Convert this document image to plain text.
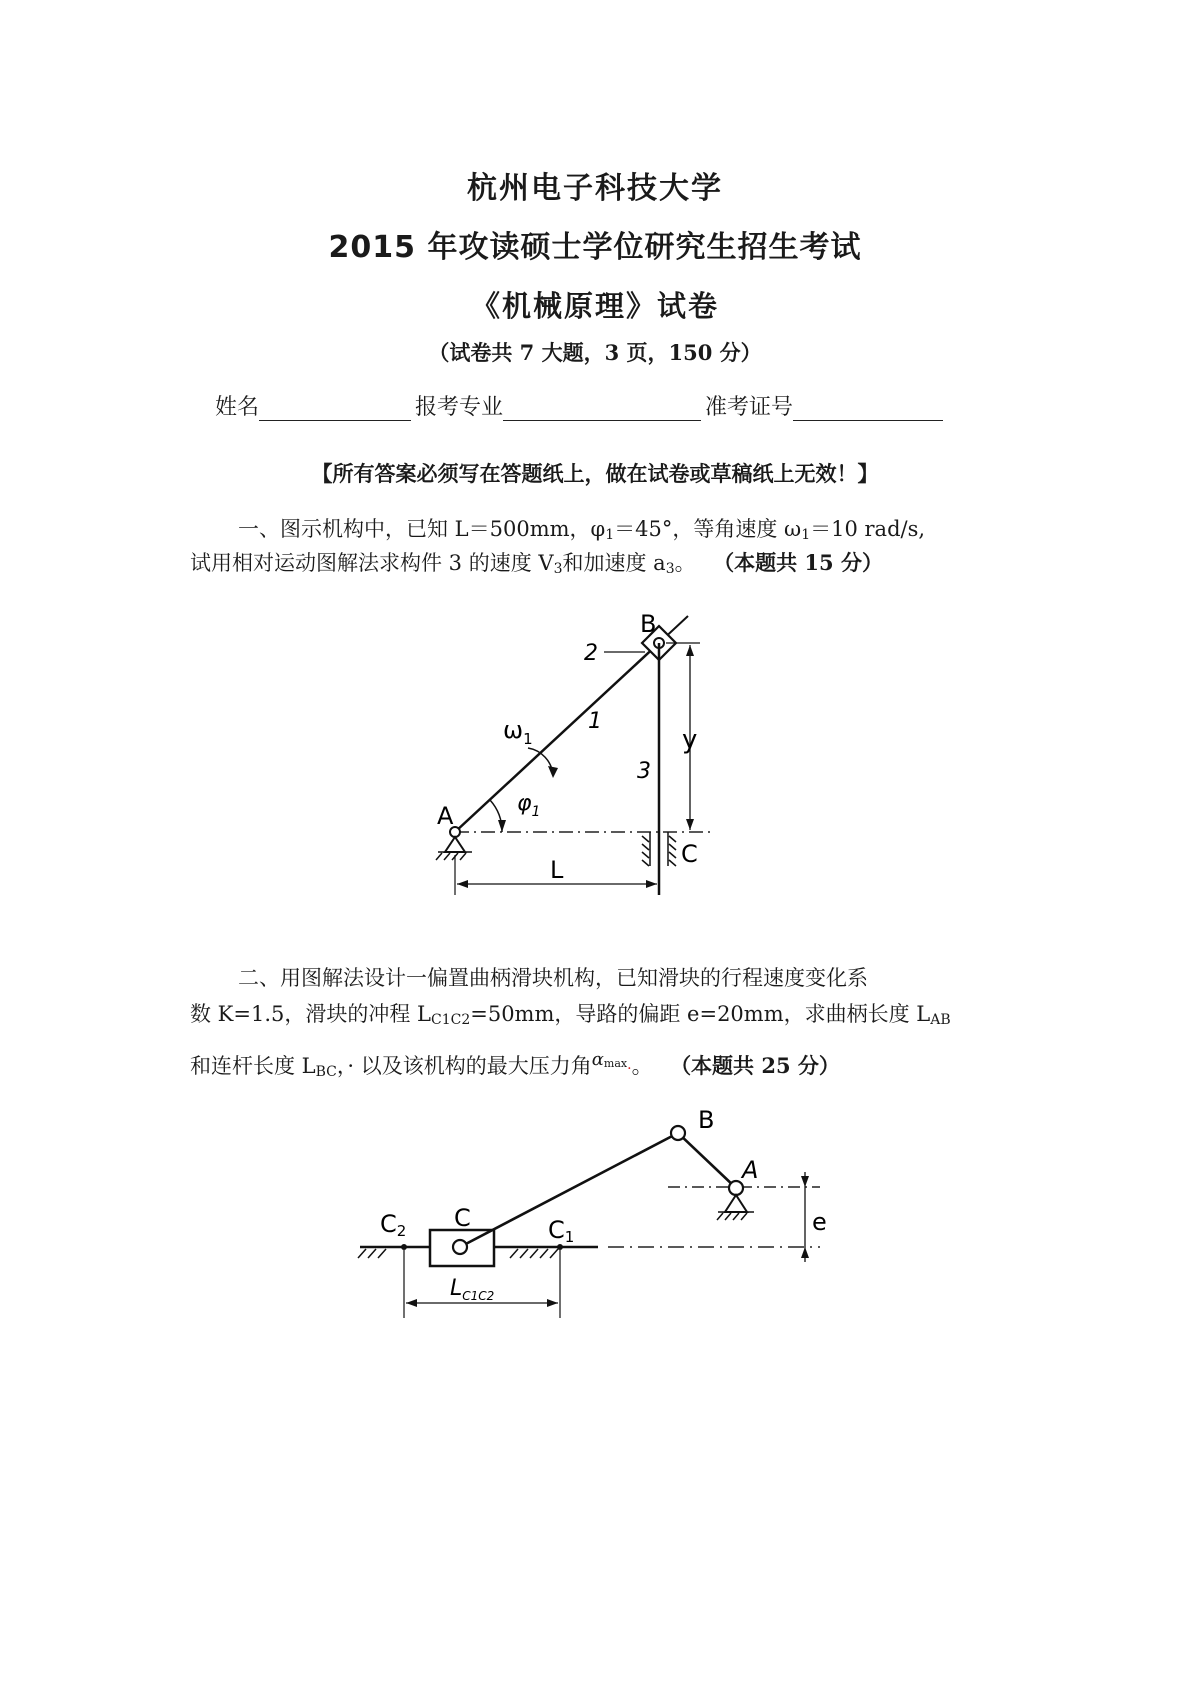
杭州电子科技大学
2015 年攻读硕士学位研究生招生考试
《机械原理》试卷
（试卷共 7 大题，3 页，150 分）
姓名	报考专业	准考证号
【所有答案必须写在答题纸上，做在试卷或草稿纸上无效！】
一、图示机构中，已知 L＝500mm，$\varphi_1=45^\circ$，等角速度 $\omega_1=10$ rad/s,
试用相对运动图解法求构件 3 的速度 $V_3$和加速度 $a_3$。 （本题共 15 分）
B
2
1
3
y
A
C
L
$\omega_1$
$\varphi_1$
二、用图解法设计一偏置曲柄滑块机构，已知滑块的行程速度变化系
数 K=1.5，滑块的冲程 $L_{C1C2}=50mm$，导路的偏距 e=20mm，求曲柄长度 $L_{AB}$
和连杆长度 $L_{BC}$，· 以及该机构的最大压力角$\alpha^{max}\cdot$。 （本题共 25 分）
B
A
C	C1
C2	e
$L_{C1C2}$
